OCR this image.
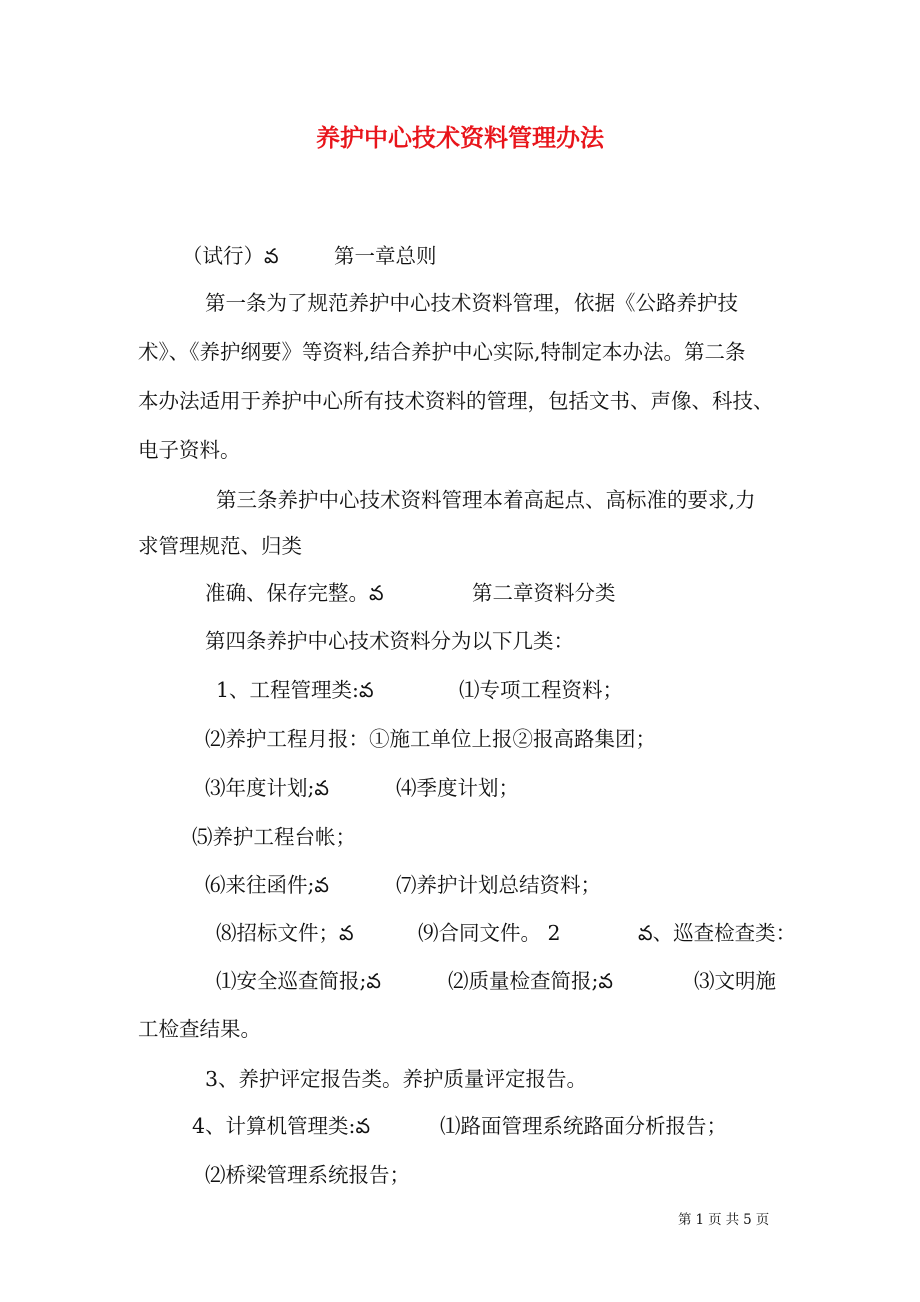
养护中心技术资料管理办法
（试行）వ	第一章总则
第一条为了规范养护中心技术资料管理，依据《公路养护技
术》、《养护纲要》等资料,结合养护中心实际,特制定本办法。第二条
本办法适用于养护中心所有技术资料的管理，包括文书、声像、科技、
电子资料。
第三条养护中心技术资料管理本着高起点、高标准的要求,力
求管理规范、归类
准确、保存完整。వ	第二章资料分类
第四条养护中心技术资料分为以下几类：
1、工程管理类:వ	⑴专项工程资料；
⑵养护工程月报：①施工单位上报②报高路集团；
⑶年度计划;వ	⑷季度计划；
⑸养护工程台帐；
⑹来往函件;వ	⑺养护计划总结资料；
⑻招标文件；వ	⑼合同文件。 2	వ、巡查检查类：
⑴安全巡查简报;వ	⑵质量检查简报;వ	⑶文明施
工检查结果。
3、养护评定报告类。养护质量评定报告。
4、计算机管理类:వ	⑴路面管理系统路面分析报告；
⑵桥梁管理系统报告；
第 1 页 共 5 页
